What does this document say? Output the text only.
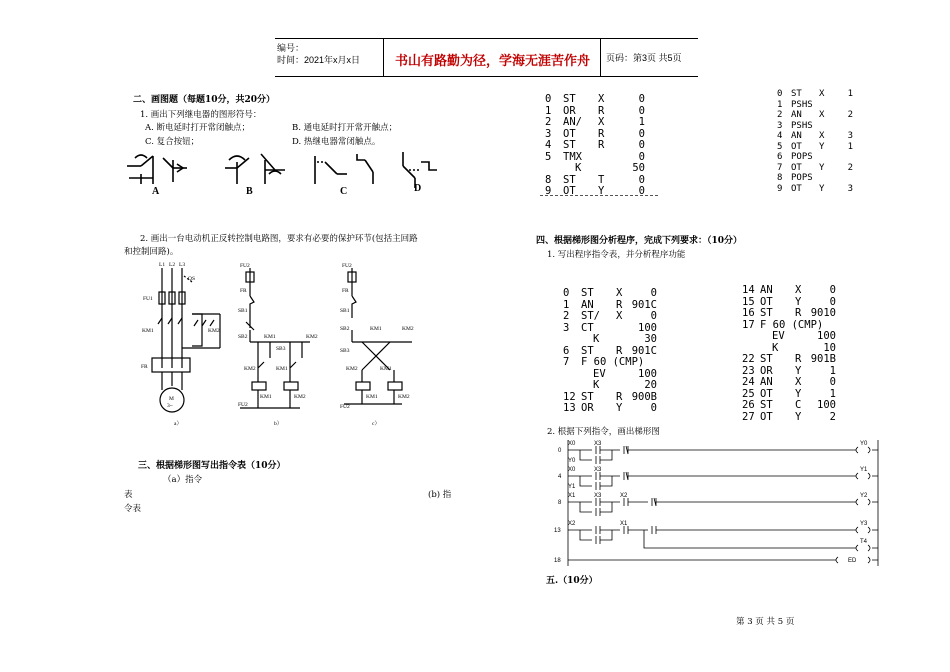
编号：
时间：2021年x月x日	书山有路勤为径，学海无涯苦作舟 页码：第3页 共5页
二、画图题（每题10分，共20分）
1. 画出下列继电器的图形符号：
A. 断电延时打开常闭触点；	B. 通电延时打开常开触点；
C. 复合按钮；	D. 热继电器常闭触点。
A	B	C	D
2. 画出一台电动机正反转控制电路图，要求有必要的保护环节(包括主回路
和控制回路)。
L1 L2 L3
QS
FU1
KM1	KM2
FR
M
3~
FU2
FR
SB1
SB2	KM1
SB3
KM2
KM2	KM1
KM1	KM2
FU2
FU2
FR
SB1
SB2	KM1	KM2
SB3
KM2	KM1
KM1	KM2
FU2
a）	b）	c）
三、根据梯形图写出指令表（10分）
（a）指令
表	(b) 指
令表
0 ST X	0
1 OR R	0
2 AN/ X	1
3 OT R	0
4 ST R	0
5 TMX	0
K	50
8 ST T	0
9 OT Y	0
0 ST X	1
1 PSHS
2 AN X	2
3 PSHS
4 AN X	3
5 OT Y	1
6 POPS
7 OT Y	2
8 POPS
9 OT Y	3
四、根据梯形图分析程序，完成下列要求：（10分）
1. 写出程序指令表，并分析程序功能
0 ST X	0
1 AN R 901C
2 ST/ X	0
3 CT	100
K	30
6 ST R 901C
7 F 60 (CMP)
EV	100
K	20
12 ST R 900B
13 OR Y	0
14 AN X	0
15 OT Y	0
16 ST R 9010
17 F 60 (CMP)
EV	100
K	10
22 ST R 901B
23 OR Y	1
24 AN X	0
25 OT Y	1
26 ST C 100
27 OT Y	2
2. 根据下列指令，画出梯形图
0
4
8
13
18
X0
Y0
X0
Y1
X1	X2
X2
X3
X3
X3
X1
Y0
Y1
Y2
Y3
T4
ED
五.（10分）
第 3 页 共 5 页
